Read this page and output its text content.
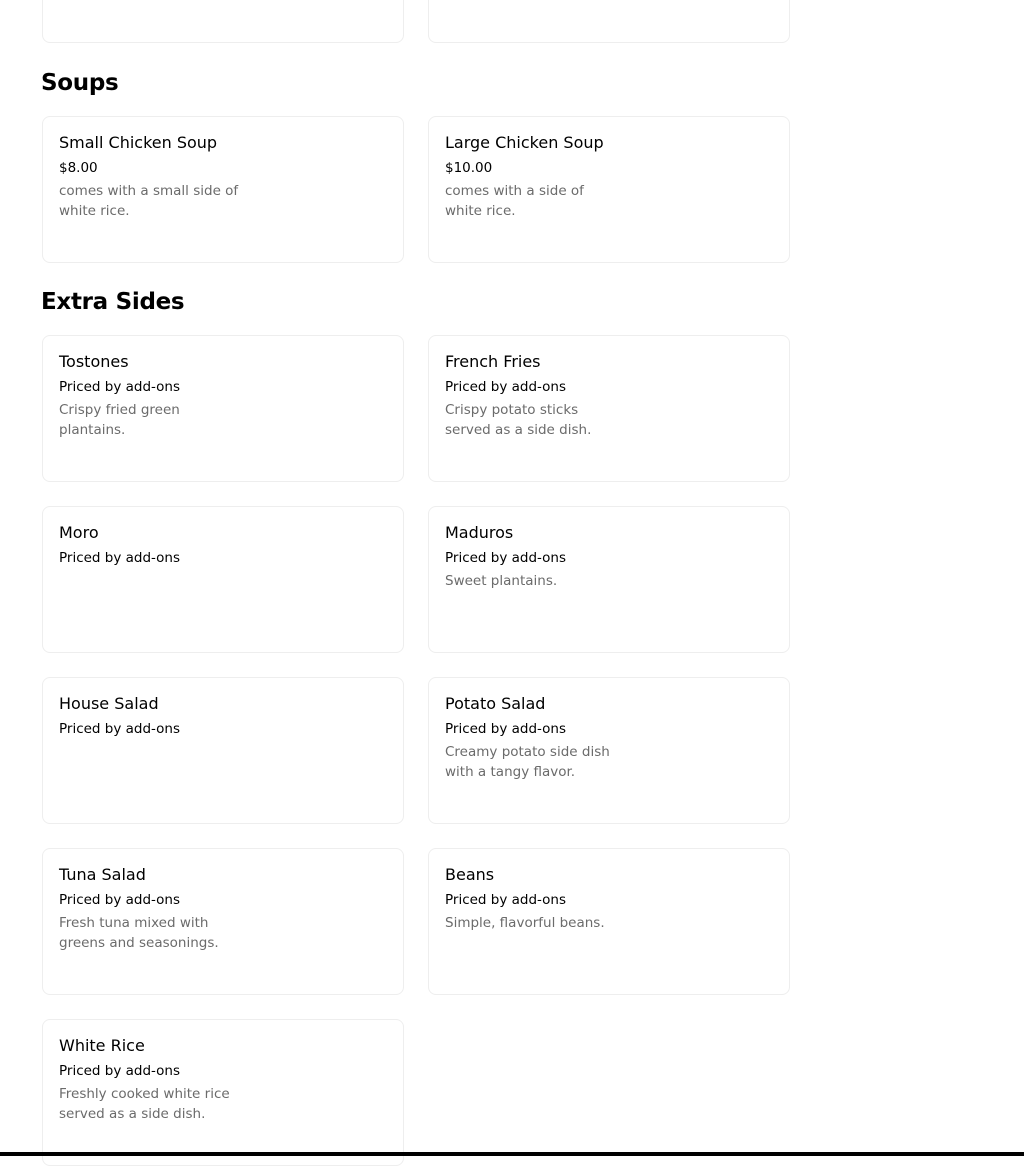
Soups
Small Chicken Soup
$8.00
comes with a small side of white rice.
Large Chicken Soup
$10.00
comes with a side of white rice.
Extra Sides
Tostones
Priced by add-ons
Crispy fried green plantains.
French Fries
Priced by add-ons
Crispy potato sticks served as a side dish.
Moro
Priced by add-ons
Maduros
Priced by add-ons
Sweet plantains.
House Salad
Priced by add-ons
Potato Salad
Priced by add-ons
Creamy potato side dish with a tangy flavor.
Tuna Salad
Priced by add-ons
Fresh tuna mixed with greens and seasonings.
Beans
Priced by add-ons
Simple, flavorful beans.
White Rice
Priced by add-ons
Freshly cooked white rice served as a side dish.
